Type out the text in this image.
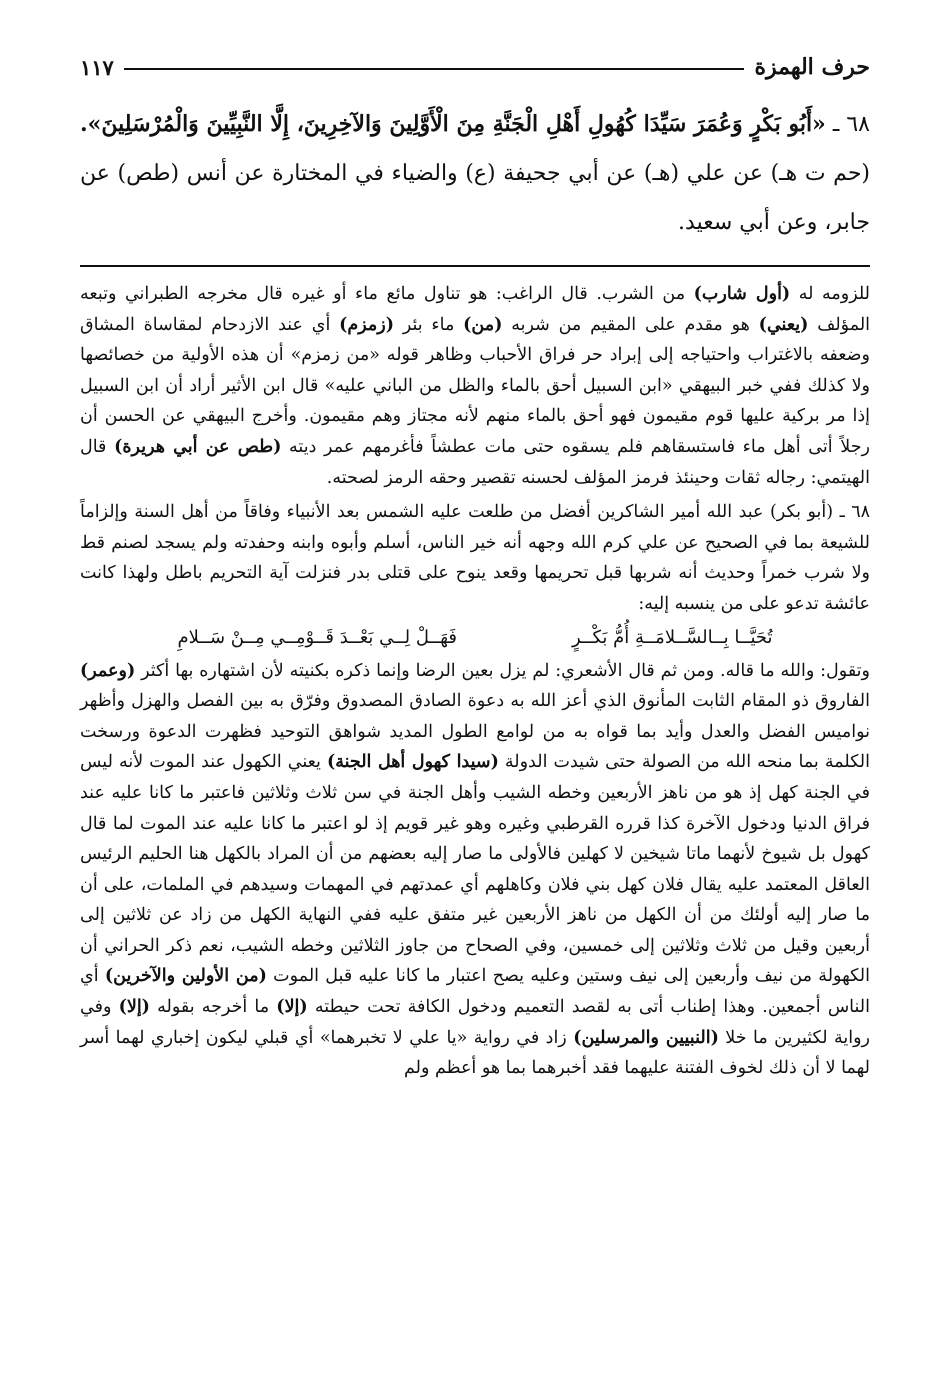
حرف الهمزة
١١٧
٦٨ ـ «أَبُو بَكْرٍ وَعُمَرَ سَيِّدَا كُهُولِ أَهْلِ الْجَنَّةِ مِنَ الْأَوَّلِينَ وَالآخِرِينَ، إِلَّا النَّبِيِّينَ وَالْمُرْسَلِينَ». (حم ت هـ) عن علي (هـ) عن أبي جحيفة (ع) والضياء في المختارة عن أنس (طص) عن جابر، وعن أبي سعيد.

للزومه له (أول شارب) من الشرب. قال الراغب: هو تناول مائع ماء أو غيره قال مخرجه الطبراني وتبعه المؤلف (يعني) هو مقدم على المقيم من شربه (من) ماء بئر (زمزم) أي عند الازدحام لمقاساة المشاق وضعفه بالاغتراب واحتياجه إلى إبراد حر فراق الأحباب وظاهر قوله «من زمزم» أن هذه الأولية من خصائصها ولا كذلك ففي خبر البيهقي «ابن السبيل أحق بالماء والظل من الباني عليه» قال ابن الأثير أراد أن ابن السبيل إذا مر بركية عليها قوم مقيمون فهو أحق بالماء منهم لأنه مجتاز وهم مقيمون. وأخرج البيهقي عن الحسن أن رجلاً أتى أهل ماء فاستسقاهم فلم يسقوه حتى مات عطشاً فأغرمهم عمر ديته (طص عن أبي هريرة) قال الهيتمي: رجاله ثقات وحينئذ فرمز المؤلف لحسنه تقصير وحقه الرمز لصحته.

٦٨ ـ (أبو بكر) عبد الله أمير الشاكرين أفضل من طلعت عليه الشمس بعد الأنبياء وفاقاً من أهل السنة وإلزاماً للشيعة بما في الصحيح عن علي كرم الله وجهه أنه خير الناس، أسلم وأبوه وابنه وحفدته ولم يسجد لصنم قط ولا شرب خمراً وحديث أنه شربها قبل تحريمها وقعد ينوح على قتلى بدر فنزلت آية التحريم باطل ولهذا كانت عائشة تدعو على من ينسبه إليه:

تُحَيَّــا بِــالسَّــلامَــةِ أُمُّ بَكْــرٍ
فَهَــلْ لِــي بَعْــدَ قَــوْمِــي مِــنْ سَــلامِ

وتقول: والله ما قاله. ومن ثم قال الأشعري: لم يزل بعين الرضا وإنما ذكره بكنيته لأن اشتهاره بها أكثر (وعمر) الفاروق ذو المقام الثابت المأنوق الذي أعز الله به دعوة الصادق المصدوق وفرّق به بين الفصل والهزل وأظهر نواميس الفضل والعدل وأيد بما قواه به من لوامع الطول المديد شواهق التوحيد فظهرت الدعوة ورسخت الكلمة بما منحه الله من الصولة حتى شيدت الدولة (سيدا كهول أهل الجنة) يعني الكهول عند الموت لأنه ليس في الجنة كهل إذ هو من ناهز الأربعين وخطه الشيب وأهل الجنة في سن ثلاث وثلاثين فاعتبر ما كانا عليه عند فراق الدنيا ودخول الآخرة كذا قرره القرطبي وغيره وهو غير قويم إذ لو اعتبر ما كانا عليه عند الموت لما قال كهول بل شيوخ لأنهما ماتا شيخين لا كهلين فالأولى ما صار إليه بعضهم من أن المراد بالكهل هنا الحليم الرئيس العاقل المعتمد عليه يقال فلان كهل بني فلان وكاهلهم أي عمدتهم في المهمات وسيدهم في الملمات، على أن ما صار إليه أولئك من أن الكهل من ناهز الأربعين غير متفق عليه ففي النهاية الكهل من زاد عن ثلاثين إلى أربعين وقيل من ثلاث وثلاثين إلى خمسين، وفي الصحاح من جاوز الثلاثين وخطه الشيب، نعم ذكر الحراني أن الكهولة من نيف وأربعين إلى نيف وستين وعليه يصح اعتبار ما كانا عليه قبل الموت (من الأولين والآخرين) أي الناس أجمعين. وهذا إطناب أتى به لقصد التعميم ودخول الكافة تحت حيطته (إلا) ما أخرجه بقوله (إلا) وفي رواية لكثيرين ما خلا (النبيين والمرسلين) زاد في رواية «يا علي لا تخبرهما» أي قبلي ليكون إخباري لهما أسر لهما لا أن ذلك لخوف الفتنة عليهما فقد أخبرهما بما هو أعظم ولم
